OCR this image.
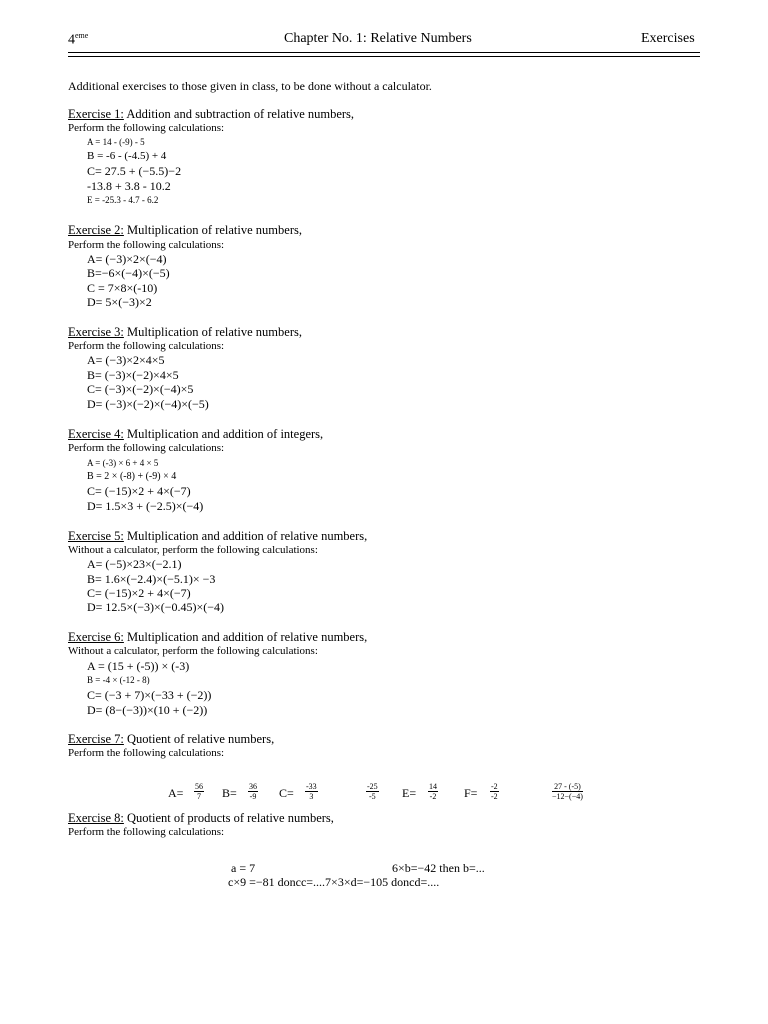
4eme	Chapter No. 1: Relative Numbers	Exercises
Additional exercises to those given in class, to be done without a calculator.
Exercise 1: Addition and subtraction of relative numbers,
Perform the following calculations:
A = 14 - (-9) - 5
B = -6 - (-4.5) + 4
C= 27.5 + (−5.5)−2
-13.8 + 3.8 - 10.2
E = -25.3 - 4.7 - 6.2
Exercise 2: Multiplication of relative numbers,
Perform the following calculations:
A= (−3)×2×(−4)
B=−6×(−4)×(−5)
C = 7×8×(-10)
D= 5×(−3)×2
Exercise 3: Multiplication of relative numbers,
Perform the following calculations:
A= (−3)×2×4×5
B= (−3)×(−2)×4×5
C= (−3)×(−2)×(−4)×5
D= (−3)×(−2)×(−4)×(−5)
Exercise 4: Multiplication and addition of integers,
Perform the following calculations:
A = (-3) × 6 + 4 × 5
B = 2 × (-8) + (-9) × 4
C= (−15)×2 + 4×(−7)
D= 1.5×3 + (−2.5)×(−4)
Exercise 5: Multiplication and addition of relative numbers,
Without a calculator, perform the following calculations:
A= (−5)×23×(−2.1)
B= 1.6×(−2.4)×(−5.1)× −3
C= (−15)×2 + 4×(−7)
D= 12.5×(−3)×(−0.45)×(−4)
Exercise 6: Multiplication and addition of relative numbers,
Without a calculator, perform the following calculations:
A = (15 + (-5)) × (-3)
B = -4 × (-12 - 8)
C= (−3 + 7)×(−33 + (−2))
D= (8−(−3))×(10 + (−2))
Exercise 7: Quotient of relative numbers,
Perform the following calculations:
$A= \frac{56}{7} B= \frac{36}{-9} C= \frac{-33}{3}$	$\frac{-25}{-5} E= \frac{14}{-2} F= \frac{-2}{-2}$	$\frac{27 - (-5)}{-12-(-4)}$
Exercise 8: Quotient of products of relative numbers,
Perform the following calculations:
a = 7	6×b=−42 then b=...
c×9 =−81 doncc=....7×3×d=−105 doncd=....
